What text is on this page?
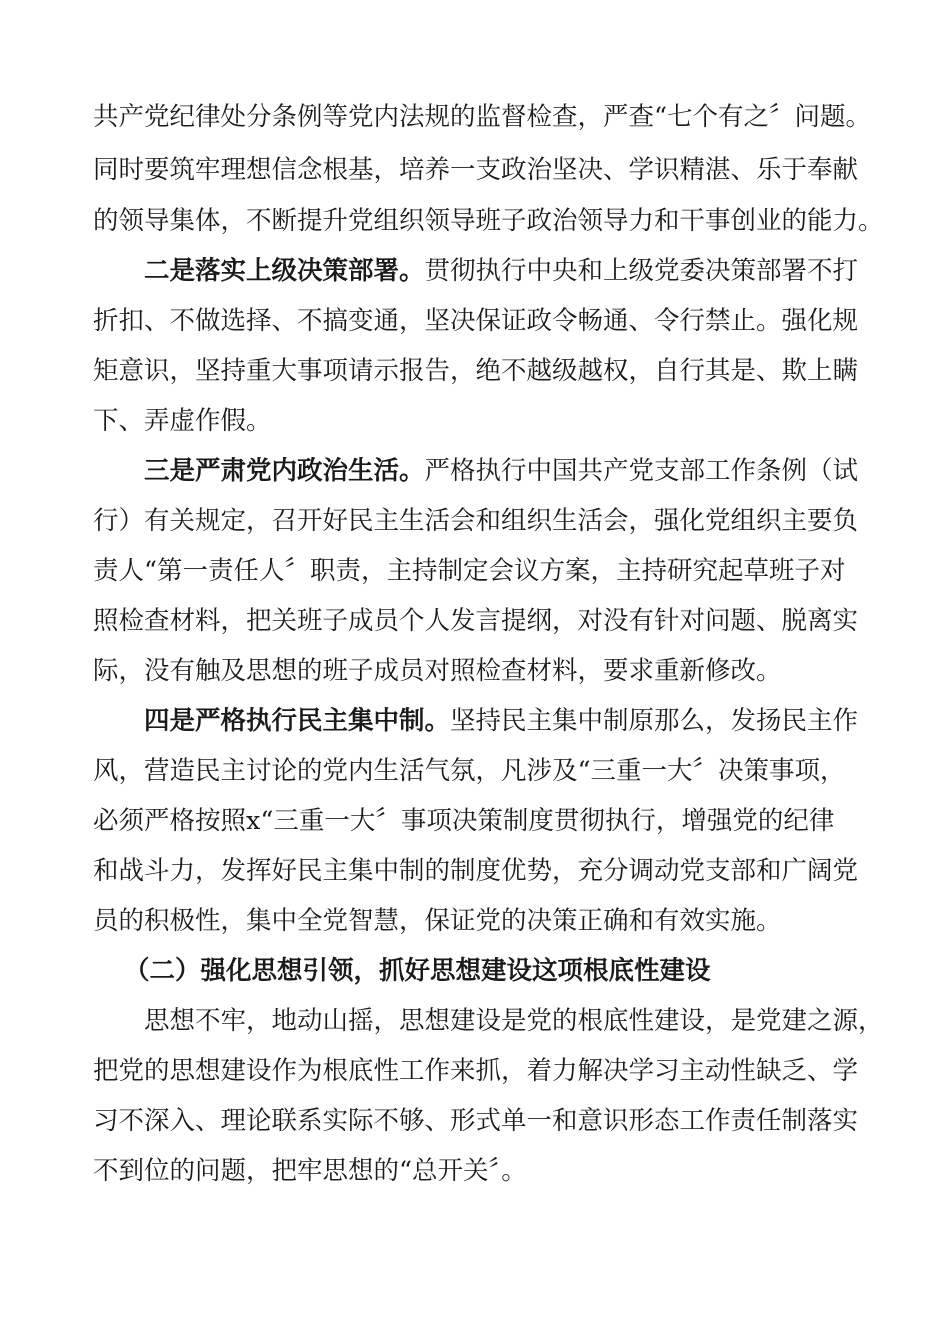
共产党纪律处分条例等党内法规的监督检查，严查“七个有之〞问题。
同时要筑牢理想信念根基，培养一支政治坚决、学识精湛、乐于奉献
的领导集体，不断提升党组织领导班子政治领导力和干事创业的能力。
二是落实上级决策部署。贯彻执行中央和上级党委决策部署不打
折扣、不做选择、不搞变通，坚决保证政令畅通、令行禁止。强化规
矩意识，坚持重大事项请示报告，绝不越级越权，自行其是、欺上瞒
下、弄虚作假。
三是严肃党内政治生活。严格执行中国共产党支部工作条例（试
行）有关规定，召开好民主生活会和组织生活会，强化党组织主要负
责人“第一责任人〞职责，主持制定会议方案，主持研究起草班子对
照检查材料，把关班子成员个人发言提纲，对没有针对问题、脱离实
际，没有触及思想的班子成员对照检查材料，要求重新修改。
四是严格执行民主集中制。坚持民主集中制原那么，发扬民主作
风，营造民主讨论的党内生活气氛，凡涉及“三重一大〞决策事项，
必须严格按照x“三重一大〞事项决策制度贯彻执行，增强党的纪律
和战斗力，发挥好民主集中制的制度优势，充分调动党支部和广阔党
员的积极性，集中全党智慧，保证党的决策正确和有效实施。
（二）强化思想引领，抓好思想建设这项根底性建设
思想不牢，地动山摇，思想建设是党的根底性建设，是党建之源，
把党的思想建设作为根底性工作来抓，着力解决学习主动性缺乏、学
习不深入、理论联系实际不够、形式单一和意识形态工作责任制落实
不到位的问题，把牢思想的“总开关〞。
